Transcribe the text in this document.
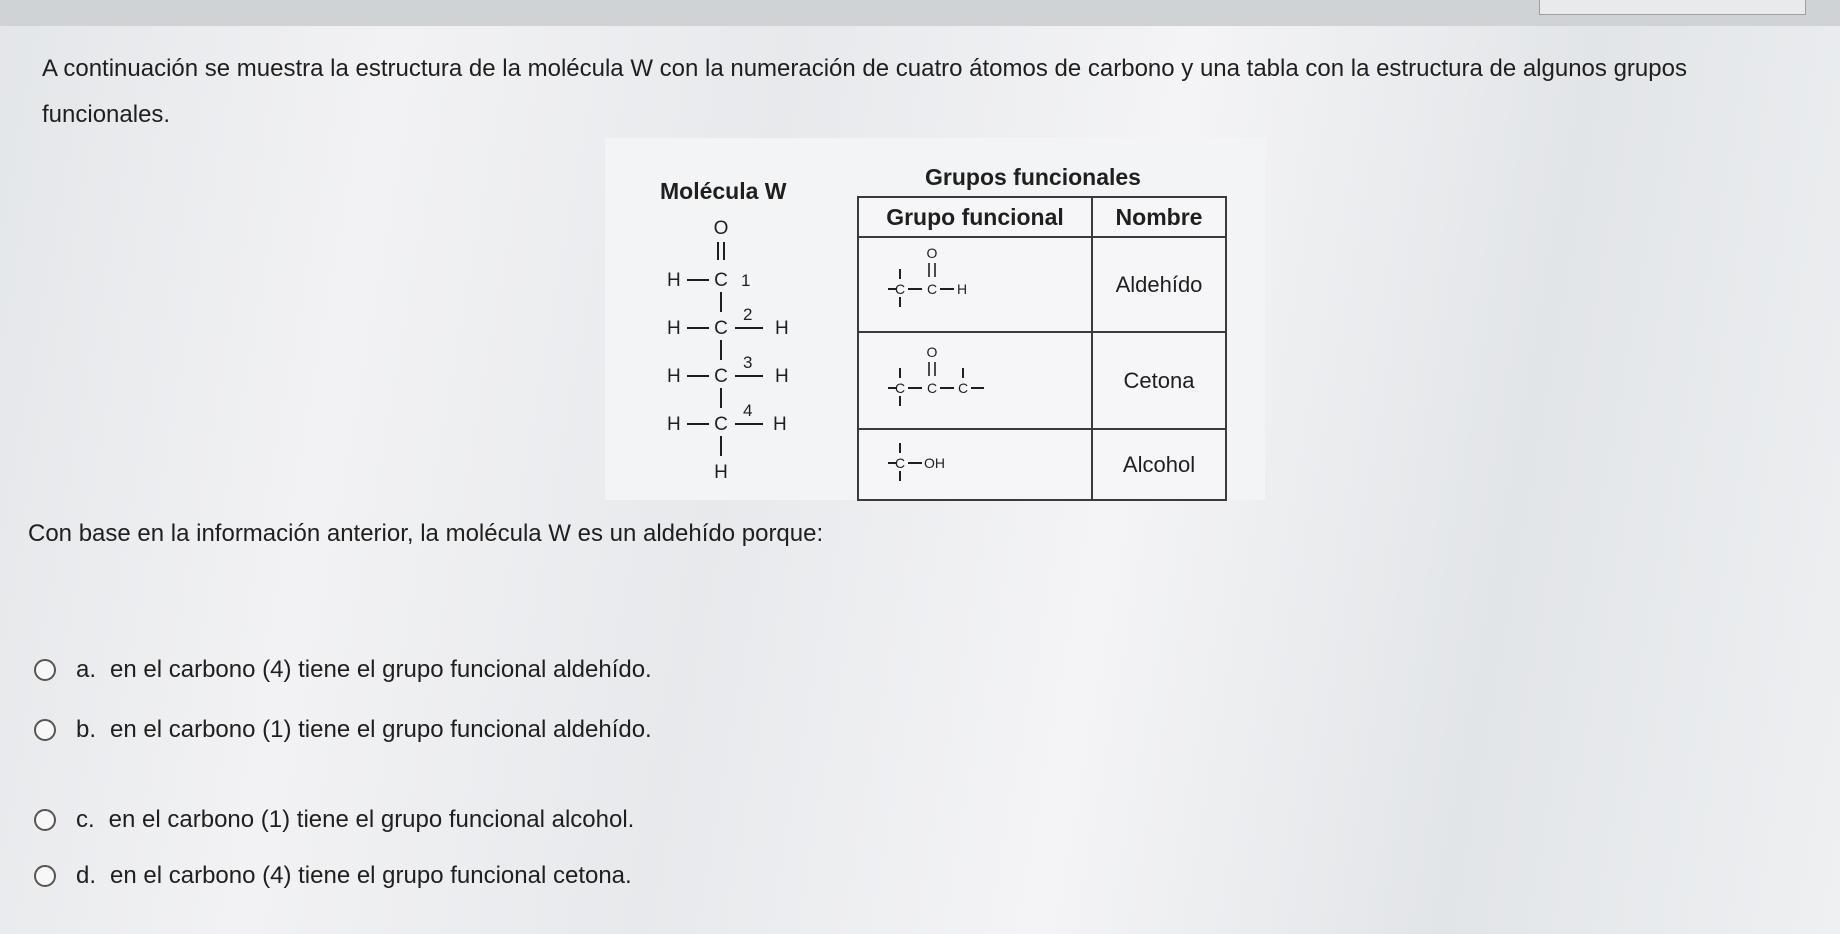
A continuación se muestra la estructura de la molécula W con la numeración de cuatro átomos de carbono y una tabla con la estructura de algunos grupos funcionales.
Molécula W
O
H C 1
H C
2
H
H C
3
H
H C
4
H
H
Grupos funcionales
Grupo funcional	Nombre

C
O
C H	Aldehído

C
O
C C	Cetona

C OH	Alcohol
Con base en la información anterior, la molécula W es un aldehído porque:
a. en el carbono (4) tiene el grupo funcional aldehído.
b. en el carbono (1) tiene el grupo funcional aldehído.
c. en el carbono (1) tiene el grupo funcional alcohol.
d. en el carbono (4) tiene el grupo funcional cetona.
